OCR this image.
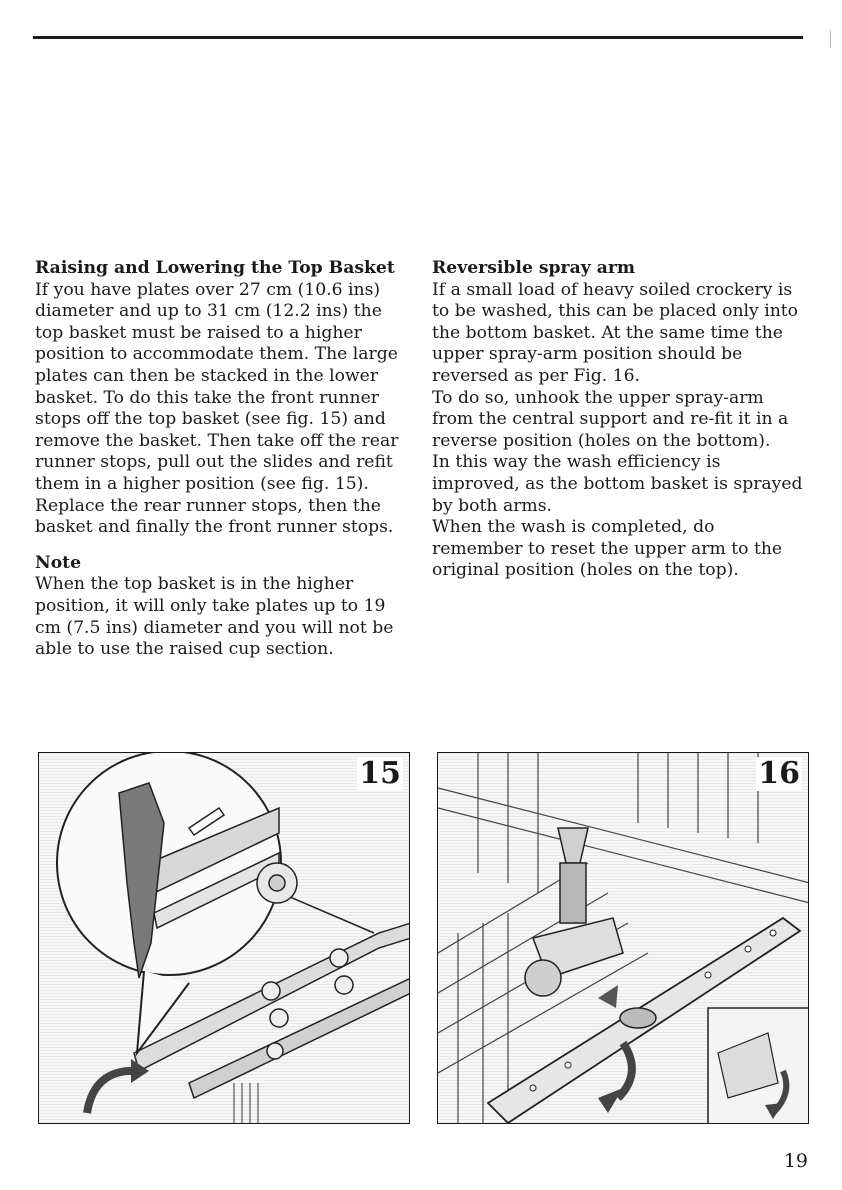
Raising and Lowering the Top Basket

If you have plates over 27 cm (10.6 ins) diameter and up to 31 cm (12.2 ins) the top basket must be raised to a higher position to accommodate them. The large plates can then be stacked in the lower basket. To do this take the front runner stops off the top basket (see fig. 15) and remove the basket. Then take off the rear runner stops, pull out the slides and refit them in a higher position (see fig. 15).

Replace the rear runner stops, then the basket and finally the front runner stops.

Note

When the top basket is in the higher position, it will only take plates up to 19 cm (7.5 ins) diameter and you will not be able to use the raised cup section.

Reversible spray arm

If a small load of heavy soiled crockery is to be washed, this can be placed only into the bottom basket. At the same time the upper spray-arm position should be reversed as per Fig. 16.

To do so, unhook the upper spray-arm from the central support and re-fit it in a reverse position (holes on the bottom).

In this way the wash efficiency is improved, as the bottom basket is sprayed by both arms.

When the wash is completed, do remember to reset the upper arm to the original position (holes on the top).

15	16
19
